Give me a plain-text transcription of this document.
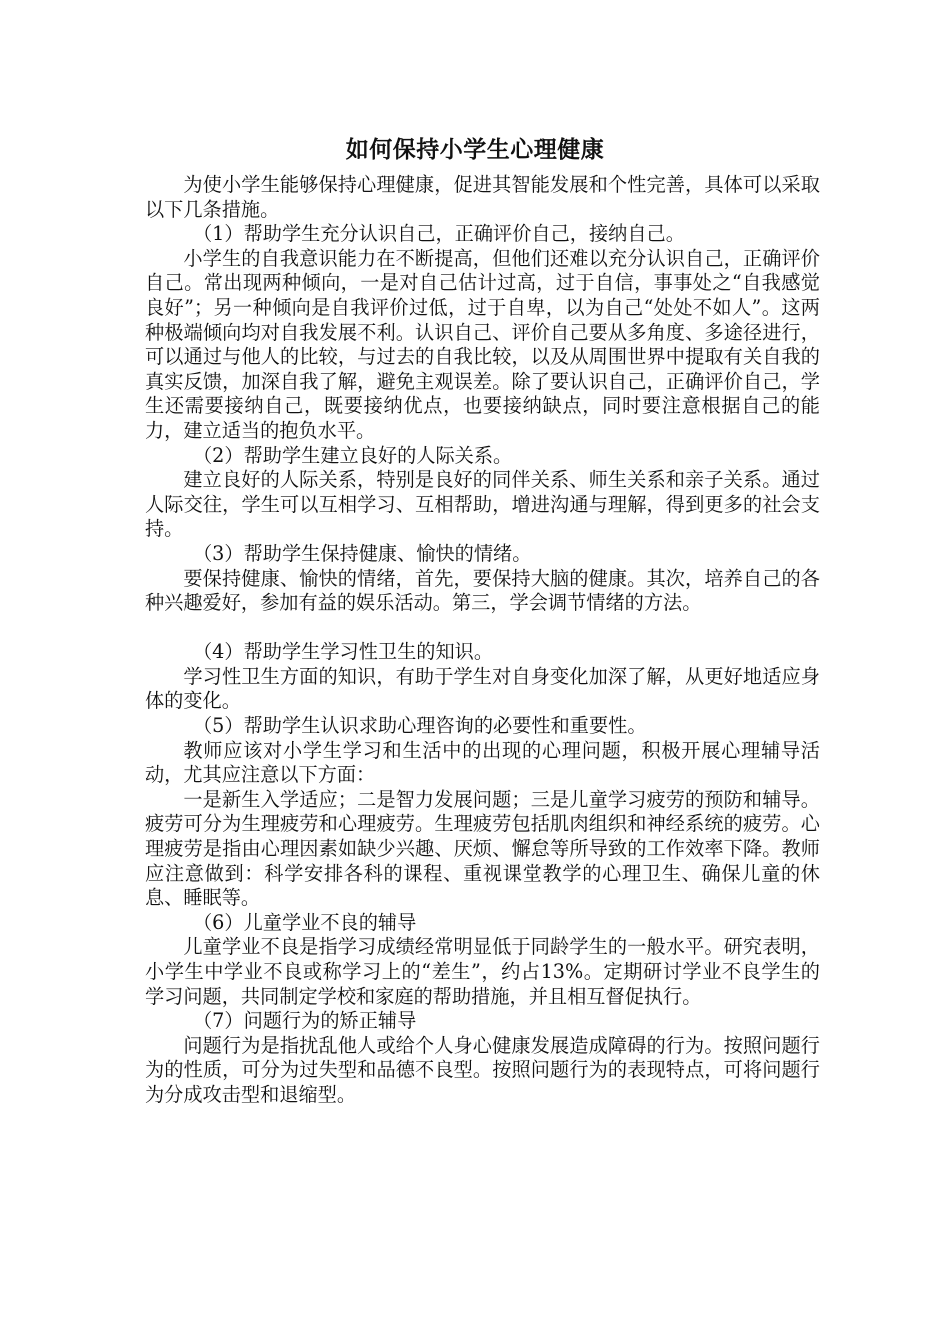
如何保持小学生心理健康

为使小学生能够保持心理健康，促进其智能发展和个性完善，具体可以采取以下几条措施。

（1）帮助学生充分认识自己，正确评价自己，接纳自己。

小学生的自我意识能力在不断提高，但他们还难以充分认识自己，正确评价自己。常出现两种倾向，一是对自己估计过高，过于自信，事事处之“自我感觉良好”；另一种倾向是自我评价过低，过于自卑，以为自己“处处不如人”。这两种极端倾向均对自我发展不利。认识自己、评价自己要从多角度、多途径进行，可以通过与他人的比较，与过去的自我比较，以及从周围世界中提取有关自我的真实反馈，加深自我了解，避免主观误差。除了要认识自己，正确评价自己，学生还需要接纳自己，既要接纳优点，也要接纳缺点，同时要注意根据自己的能力，建立适当的抱负水平。

（2）帮助学生建立良好的人际关系。

建立良好的人际关系，特别是良好的同伴关系、师生关系和亲子关系。通过人际交往，学生可以互相学习、互相帮助，增进沟通与理解，得到更多的社会支持。

（3）帮助学生保持健康、愉快的情绪。

要保持健康、愉快的情绪，首先，要保持大脑的健康。其次，培养自己的各种兴趣爱好，参加有益的娱乐活动。第三，学会调节情绪的方法。

（4）帮助学生学习性卫生的知识。

学习性卫生方面的知识，有助于学生对自身变化加深了解，从更好地适应身体的变化。

（5）帮助学生认识求助心理咨询的必要性和重要性。

教师应该对小学生学习和生活中的出现的心理问题，积极开展心理辅导活动，尤其应注意以下方面：

一是新生入学适应；二是智力发展问题；三是儿童学习疲劳的预防和辅导。疲劳可分为生理疲劳和心理疲劳。生理疲劳包括肌肉组织和神经系统的疲劳。心理疲劳是指由心理因素如缺少兴趣、厌烦、懈怠等所导致的工作效率下降。教师应注意做到：科学安排各科的课程、重视课堂教学的心理卫生、确保儿童的休息、睡眠等。

（6）儿童学业不良的辅导

儿童学业不良是指学习成绩经常明显低于同龄学生的一般水平。研究表明，小学生中学业不良或称学习上的“差生”，约占13%。定期研讨学业不良学生的学习问题，共同制定学校和家庭的帮助措施，并且相互督促执行。

（7）问题行为的矫正辅导

问题行为是指扰乱他人或给个人身心健康发展造成障碍的行为。按照问题行为的性质，可分为过失型和品德不良型。按照问题行为的表现特点，可将问题行为分成攻击型和退缩型。
